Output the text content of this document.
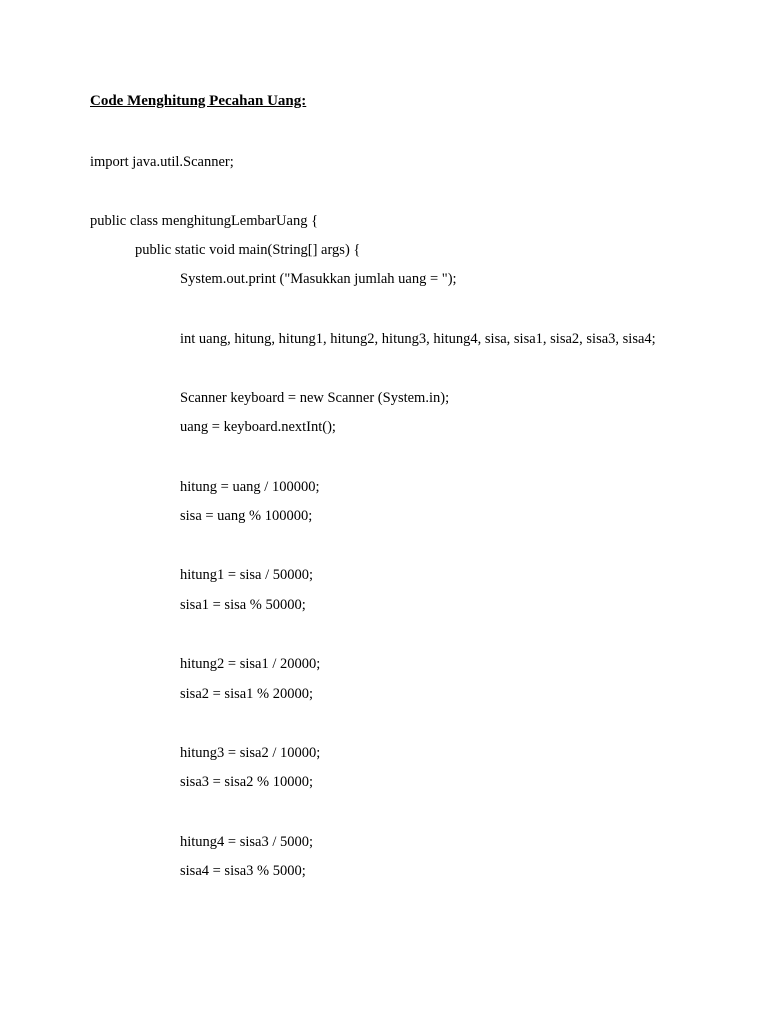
Code Menghitung Pecahan Uang:
import java.util.Scanner;
public class menghitungLembarUang {
public static void main(String[] args) {
System.out.print ("Masukkan jumlah uang = ");
int uang, hitung, hitung1, hitung2, hitung3, hitung4, sisa, sisa1, sisa2, sisa3, sisa4;
Scanner keyboard = new Scanner (System.in);
uang = keyboard.nextInt();
hitung = uang / 100000;
sisa = uang % 100000;
hitung1 = sisa / 50000;
sisa1 = sisa % 50000;
hitung2 = sisa1 / 20000;
sisa2 = sisa1 % 20000;
hitung3 = sisa2 / 10000;
sisa3 = sisa2 % 10000;
hitung4 = sisa3 / 5000;
sisa4 = sisa3 % 5000;
